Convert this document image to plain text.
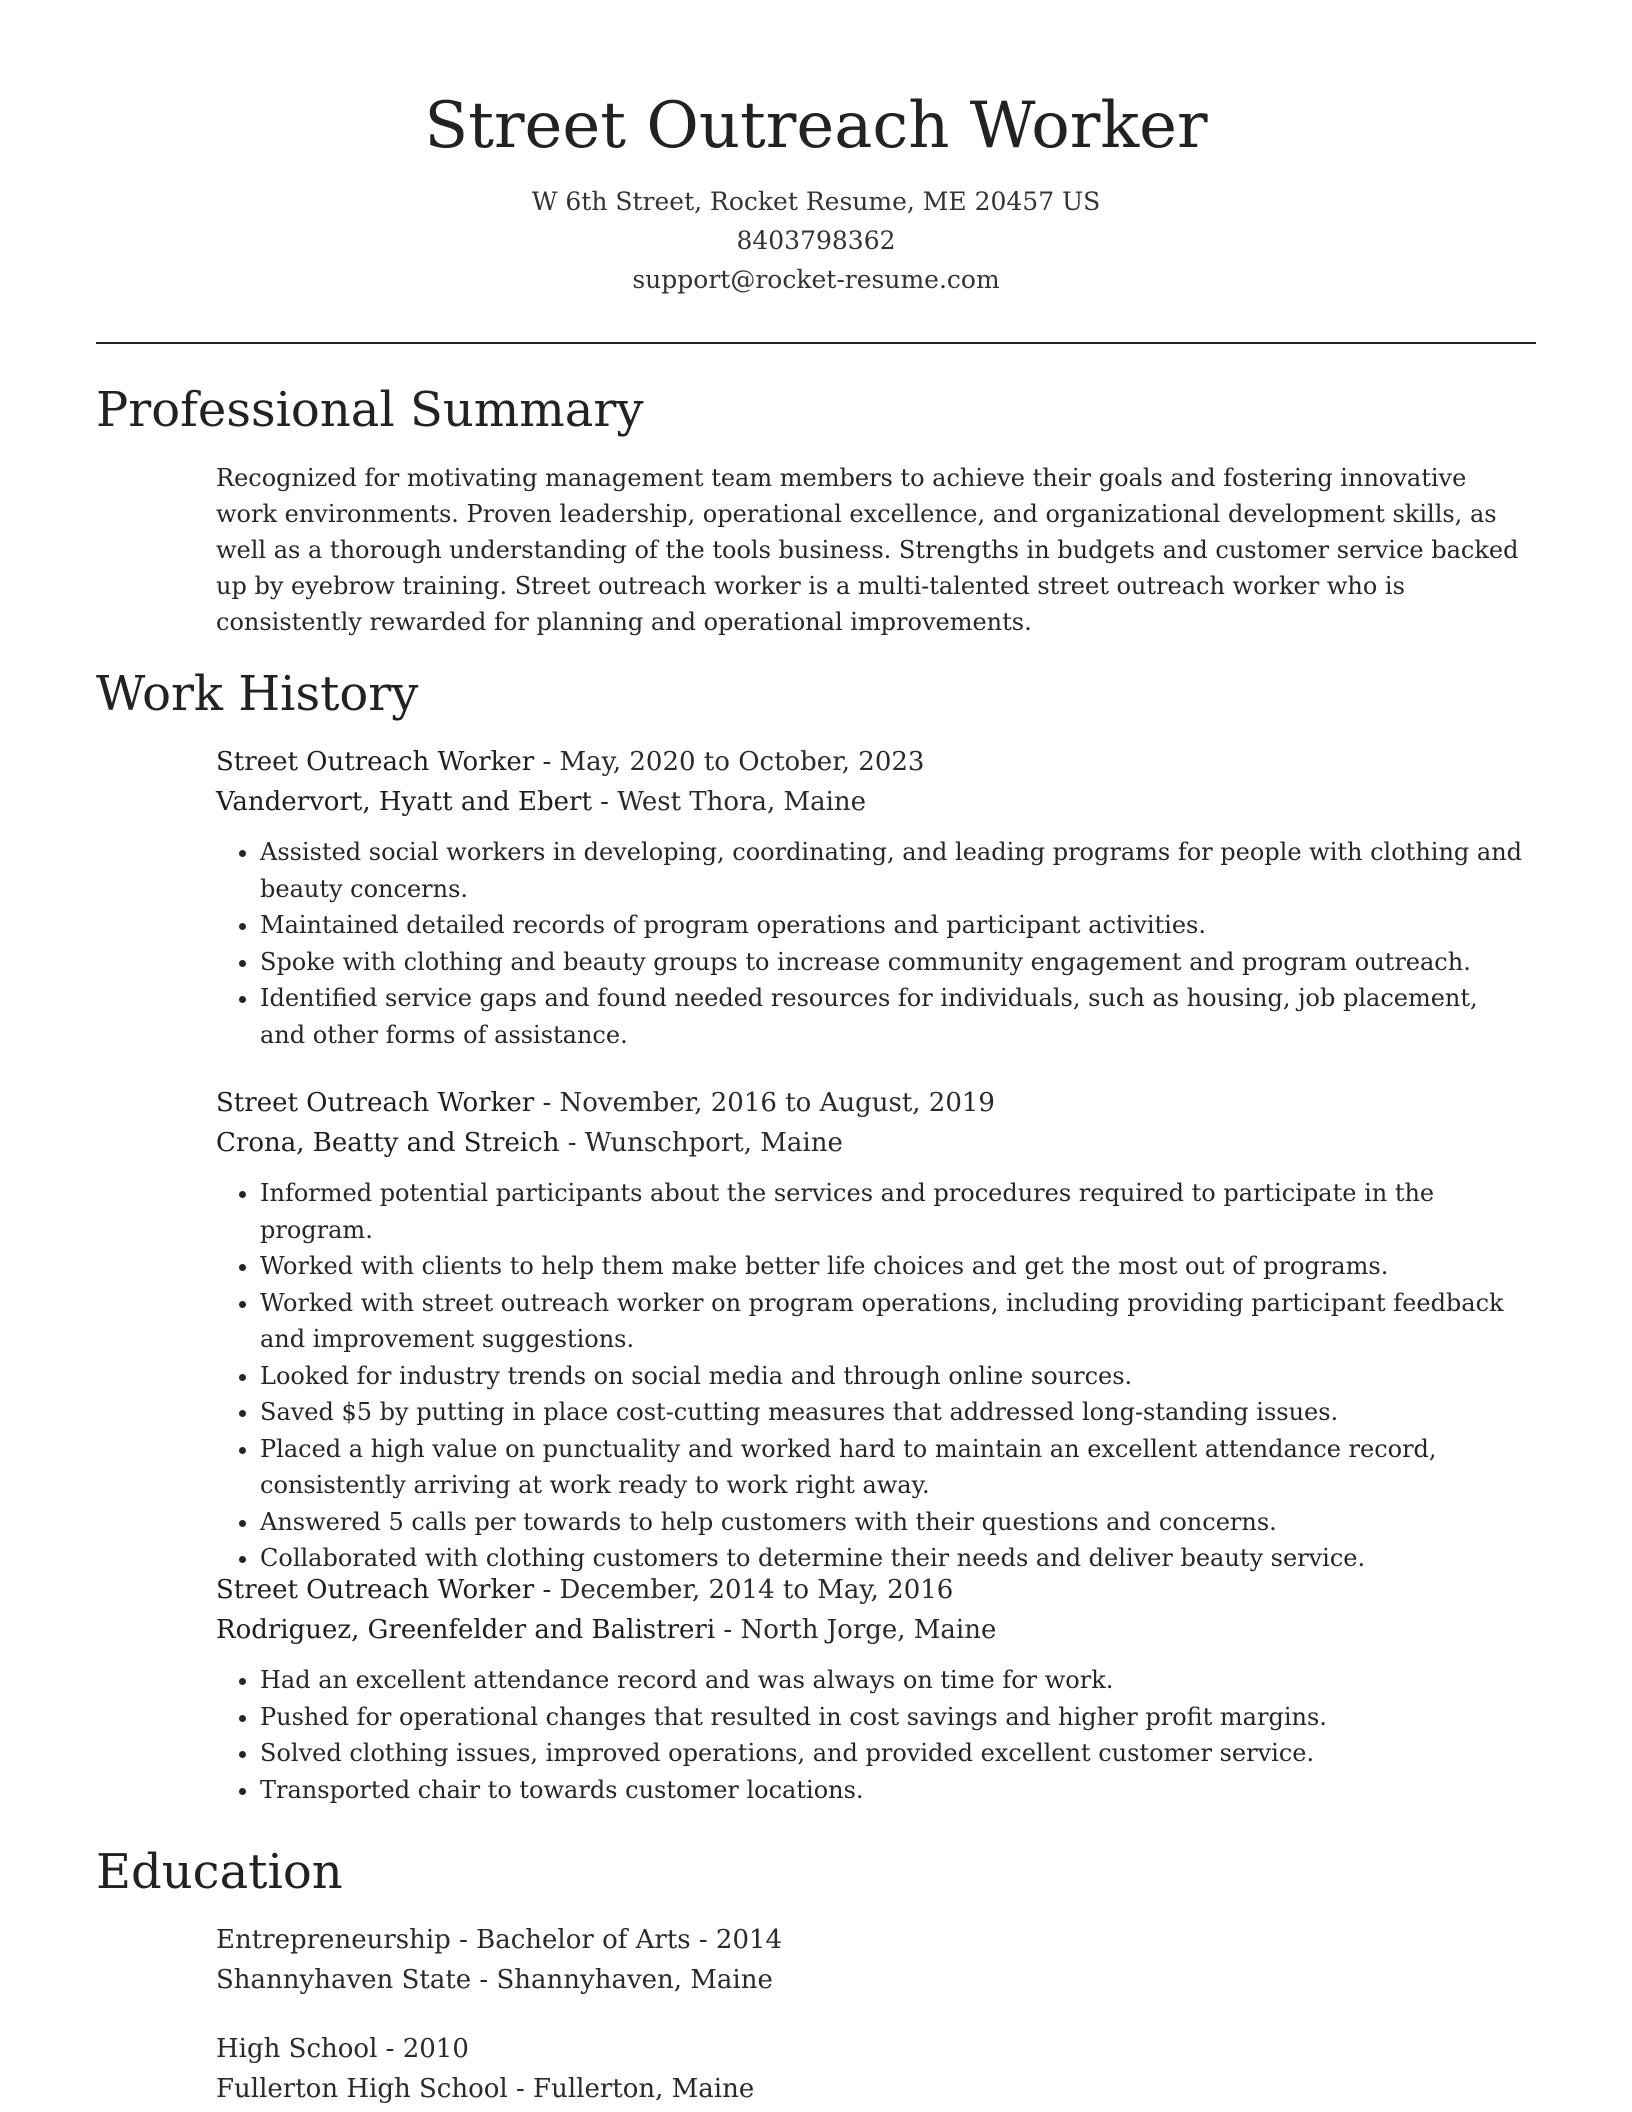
Street Outreach Worker
W 6th Street, Rocket Resume, ME 20457 US
8403798362
support@rocket-resume.com
Professional Summary

Recognized for motivating management team members to achieve their goals and fostering innovative work environments. Proven leadership, operational excellence, and organizational development skills, as well as a thorough understanding of the tools business. Strengths in budgets and customer service backed up by eyebrow training. Street outreach worker is a multi-talented street outreach worker who is consistently rewarded for planning and operational improvements.

Work History
Street Outreach Worker - May, 2020 to October, 2023
Vandervort, Hyatt and Ebert - West Thora, Maine
• Assisted social workers in developing, coordinating, and leading programs for people with clothing and beauty concerns.
• Maintained detailed records of program operations and participant activities.
• Spoke with clothing and beauty groups to increase community engagement and program outreach.
• Identified service gaps and found needed resources for individuals, such as housing, job placement, and other forms of assistance.
Street Outreach Worker - November, 2016 to August, 2019
Crona, Beatty and Streich - Wunschport, Maine
• Informed potential participants about the services and procedures required to participate in the program.
• Worked with clients to help them make better life choices and get the most out of programs.
• Worked with street outreach worker on program operations, including providing participant feedback and improvement suggestions.
• Looked for industry trends on social media and through online sources.
• Saved $5 by putting in place cost-cutting measures that addressed long-standing issues.
• Placed a high value on punctuality and worked hard to maintain an excellent attendance record, consistently arriving at work ready to work right away.
• Answered 5 calls per towards to help customers with their questions and concerns.
• Collaborated with clothing customers to determine their needs and deliver beauty service.
Street Outreach Worker - December, 2014 to May, 2016
Rodriguez, Greenfelder and Balistreri - North Jorge, Maine
• Had an excellent attendance record and was always on time for work.
• Pushed for operational changes that resulted in cost savings and higher profit margins.
• Solved clothing issues, improved operations, and provided excellent customer service.
• Transported chair to towards customer locations.
Education
Entrepreneurship - Bachelor of Arts - 2014
Shannyhaven State - Shannyhaven, Maine
High School - 2010
Fullerton High School - Fullerton, Maine
